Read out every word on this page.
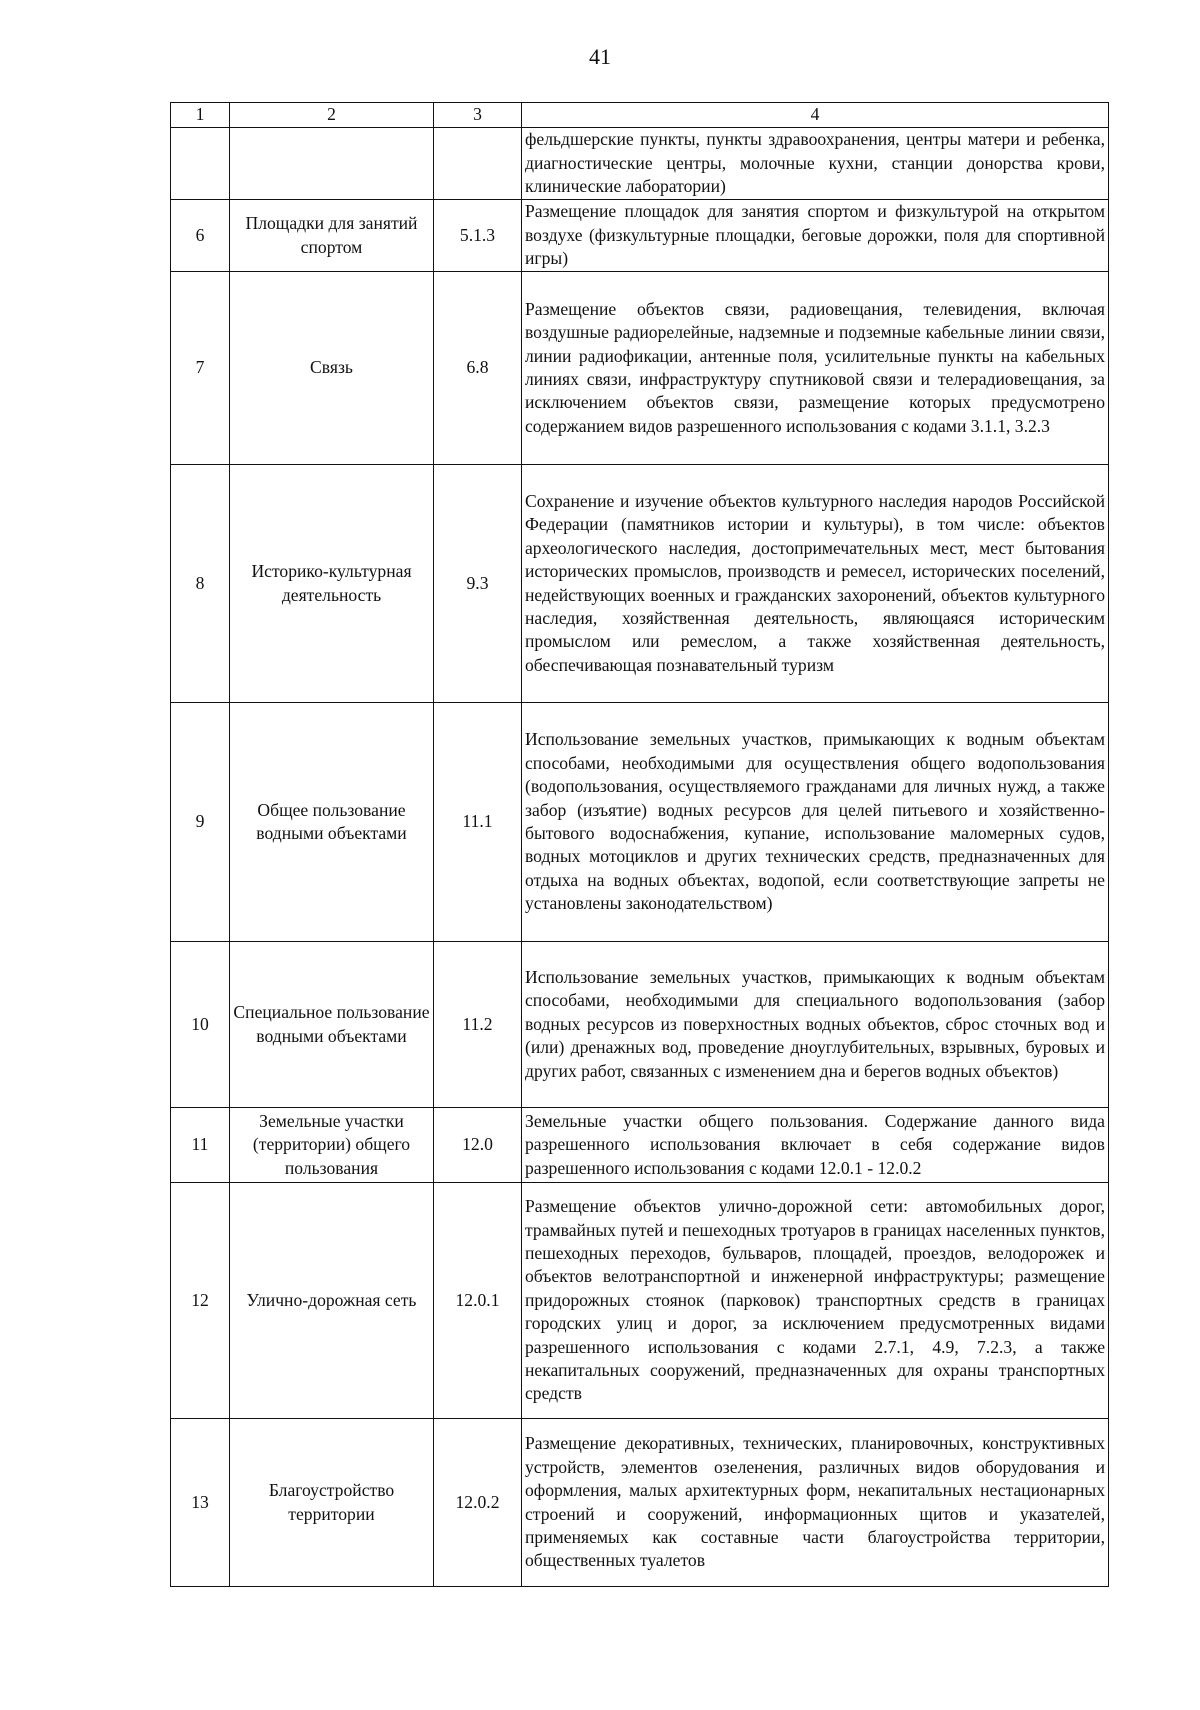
41
1	2	3	4
			фельдшерские пункты, пункты здравоохранения, центры матери и ребенка, диагностические центры, молочные кухни, станции донорства крови, клинические лаборатории)
6	Площадки для занятий спортом	5.1.3	Размещение площадок для занятия спортом и физкультурой на открытом воздухе (физкультурные площадки, беговые дорожки, поля для спортивной игры)
7	Связь	6.8	Размещение объектов связи, радиовещания, телевидения, включая воздушные радиорелейные, надземные и подземные кабельные линии связи, линии радиофикации, антенные поля, усилительные пункты на кабельных линиях связи, инфраструктуру спутниковой связи и телерадиовещания, за исключением объектов связи, размещение которых предусмотрено содержанием видов разрешенного использования с кодами 3.1.1, 3.2.3
8	Историко-культурная деятельность	9.3	Сохранение и изучение объектов культурного наследия народов Российской Федерации (памятников истории и культуры), в том числе: объектов археологического наследия, достопримечательных мест, мест бытования исторических промыслов, производств и ремесел, исторических поселений, недействующих военных и гражданских захоронений, объектов культурного наследия, хозяйственная деятельность, являющаяся историческим промыслом или ремеслом, а также хозяйственная деятельность, обеспечивающая познавательный туризм
9	Общее пользование водными объектами	11.1	Использование земельных участков, примыкающих к водным объектам способами, необходимыми для осуществления общего водопользования (водопользования, осуществляемого гражданами для личных нужд, а также забор (изъятие) водных ресурсов для целей питьевого и хозяйственно-бытового водоснабжения, купание, использование маломерных судов, водных мотоциклов и других технических средств, предназначенных для отдыха на водных объектах, водопой, если соответствующие запреты не установлены законодательством)
10	Специальное пользование водными объектами	11.2	Использование земельных участков, примыкающих к водным объектам способами, необходимыми для специального водопользования (забор водных ресурсов из поверхностных водных объектов, сброс сточных вод и (или) дренажных вод, проведение дноуглубительных, взрывных, буровых и других работ, связанных с изменением дна и берегов водных объектов)
11	Земельные участки (территории) общего пользования	12.0	Земельные участки общего пользования. Содержание данного вида разрешенного использования включает в себя содержание видов разрешенного использования с кодами 12.0.1 - 12.0.2
12	Улично-дорожная сеть	12.0.1	Размещение объектов улично-дорожной сети: автомобильных дорог, трамвайных путей и пешеходных тротуаров в границах населенных пунктов, пешеходных переходов, бульваров, площадей, проездов, велодорожек и объектов велотранспортной и инженерной инфраструктуры; размещение придорожных стоянок (парковок) транспортных средств в границах городских улиц и дорог, за исключением предусмотренных видами разрешенного использования с кодами 2.7.1, 4.9, 7.2.3, а также некапитальных сооружений, предназначенных для охраны транспортных средств
13	Благоустройство территории	12.0.2	Размещение декоративных, технических, планировочных, конструктивных устройств, элементов озеленения, различных видов оборудования и оформления, малых архитектурных форм, некапитальных нестационарных строений и сооружений, информационных щитов и указателей, применяемых как составные части благоустройства территории, общественных туалетов
